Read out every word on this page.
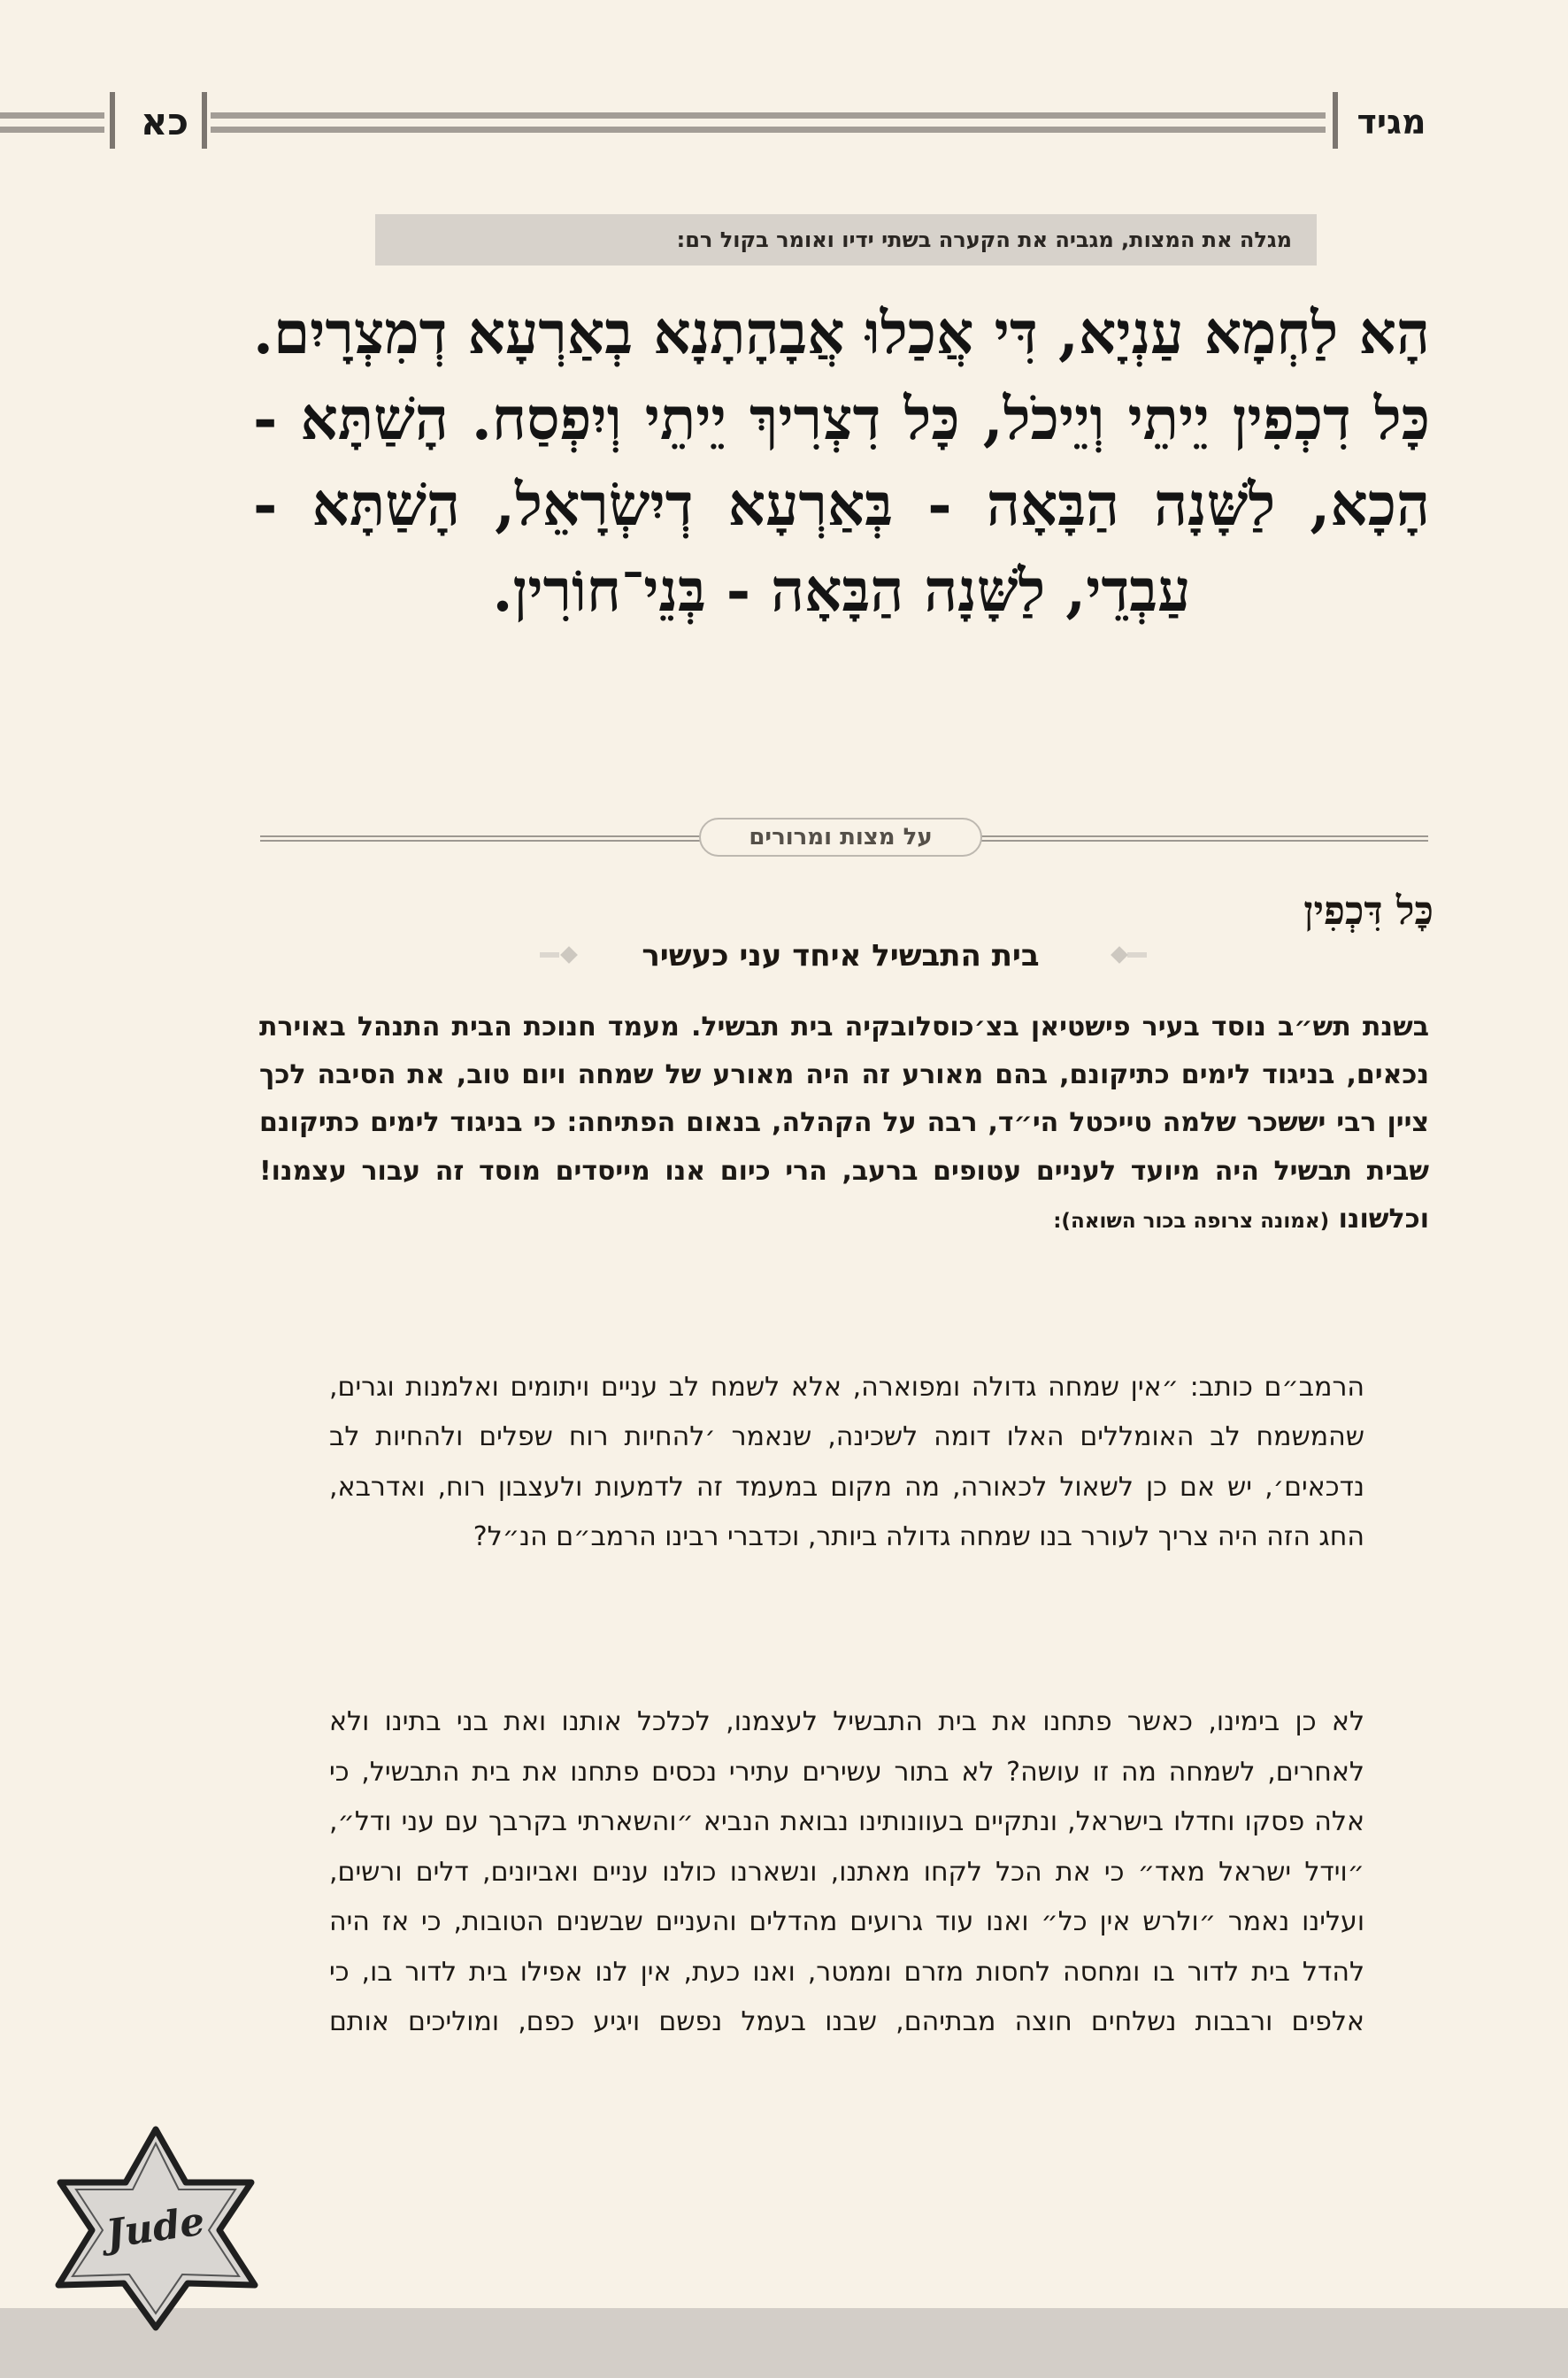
כא	מגיד
מגלה את המצות, מגביה את הקערה בשתי ידיו ואומר בקול רם:
הָא לַחְמָא עַנְיָא, דִּי אֲכַלוּ אֲבָהָתָנָא בְאַרְעָא דְמִצְרָיִם. כָּל דִכְפִין יֵיתֵי וְיֵיכֹל, כָּל דִצְרִיךְ יֵיתֵי וְיִפְסַח. הָשַׁתָּא - הָכָא, לַשָּׁנָה הַבָּאָה - בְּאַרְעָא דְיִשְׂרָאֵל, הָשַׁתָּא - עַבְדֵי, לַשָּׁנָה הַבָּאָה - בְּנֵי־חוֹרִין.
על מצות ומרורים
כׇּל דִּכְפִין
בית התבשיל איחד עני כעשיר
בשנת תש״ב נוסד בעיר פישטיאן בצ׳כוסלובקיה בית תבשיל. מעמד חנוכת הבית התנהל באוירת נכאים, בניגוד לימים כתיקונם, בהם מאורע זה היה מאורע של שמחה ויום טוב, את הסיבה לכך ציין רבי יששכר שלמה טייכטל הי״ד, רבה על הקהלה, בנאום הפתיחה: כי בניגוד לימים כתיקונם שבית תבשיל היה מיועד לעניים עטופים ברעב, הרי כיום אנו מייסדים מוסד זה עבור עצמנו! וכלשונו (אמונה צרופה בכור השואה):
הרמב״ם כותב: ״אין שמחה גדולה ומפוארה, אלא לשמח לב עניים ויתומים ואלמנות וגרים, שהמשמח לב האומללים האלו דומה לשכינה, שנאמר ׳להחיות רוח שפלים ולהחיות לב נדכאים׳, יש אם כן לשאול לכאורה, מה מקום במעמד זה לדמעות ולעצבון רוח, ואדרבא, החג הזה היה צריך לעורר בנו שמחה גדולה ביותר, וכדברי רבינו הרמב״ם הנ״ל?
לא כן בימינו, כאשר פתחנו את בית התבשיל לעצמנו, לכלכל אותנו ואת בני בתינו ולא לאחרים, לשמחה מה זו עושה? לא בתור עשירים עתירי נכסים פתחנו את בית התבשיל, כי אלה פסקו וחדלו בישראל, ונתקיים בעוונותינו נבואת הנביא ״והשארתי בקרבך עם עני ודל״, ״וידל ישראל מאד״ כי את הכל לקחו מאתנו, ונשארנו כולנו עניים ואביונים, דלים ורשים, ועלינו נאמר ״ולרש אין כל״ ואנו עוד גרועים מהדלים והעניים שבשנים הטובות, כי אז היה להדל בית לדור בו ומחסה לחסות מזרם וממטר, ואנו כעת, אין לנו אפילו בית לדור בו, כי אלפים ורבבות נשלחים חוצה מבתיהם, שבנו בעמל נפשם ויגיע כפם, ומוליכים אותם
Jude
